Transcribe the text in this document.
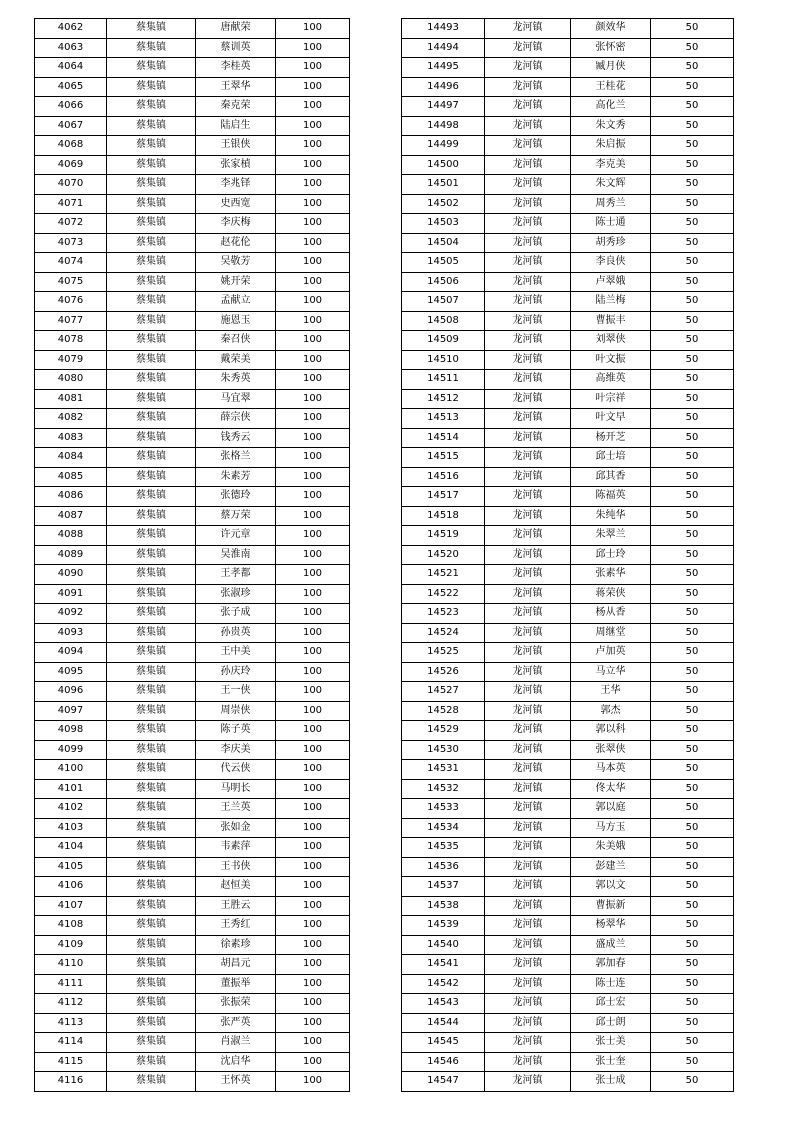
4062	蔡集镇	唐献荣	100
4063	蔡集镇	蔡训英	100
4064	蔡集镇	李桂英	100
4065	蔡集镇	王翠华	100
4066	蔡集镇	秦克荣	100
4067	蔡集镇	陆启生	100
4068	蔡集镇	王银侠	100
4069	蔡集镇	张家楨	100
4070	蔡集镇	李兆铎	100
4071	蔡集镇	史西宽	100
4072	蔡集镇	李庆梅	100
4073	蔡集镇	赵花伦	100
4074	蔡集镇	吴敬芳	100
4075	蔡集镇	姚开荣	100
4076	蔡集镇	孟献立	100
4077	蔡集镇	施恩玉	100
4078	蔡集镇	秦召侠	100
4079	蔡集镇	戴荣美	100
4080	蔡集镇	朱秀英	100
4081	蔡集镇	马宜翠	100
4082	蔡集镇	薛宗侠	100
4083	蔡集镇	钱秀云	100
4084	蔡集镇	张格兰	100
4085	蔡集镇	朱素芳	100
4086	蔡集镇	张德玲	100
4087	蔡集镇	蔡万荣	100
4088	蔡集镇	许元章	100
4089	蔡集镇	吴淮南	100
4090	蔡集镇	王孝都	100
4091	蔡集镇	张淑珍	100
4092	蔡集镇	张子成	100
4093	蔡集镇	孙贵英	100
4094	蔡集镇	王中美	100
4095	蔡集镇	孙庆玲	100
4096	蔡集镇	王一侠	100
4097	蔡集镇	周崇侠	100
4098	蔡集镇	陈子英	100
4099	蔡集镇	李庆美	100
4100	蔡集镇	代云侠	100
4101	蔡集镇	马明长	100
4102	蔡集镇	王兰英	100
4103	蔡集镇	张如金	100
4104	蔡集镇	韦素萍	100
4105	蔡集镇	王书侠	100
4106	蔡集镇	赵恒美	100
4107	蔡集镇	王胜云	100
4108	蔡集镇	王秀红	100
4109	蔡集镇	徐素珍	100
4110	蔡集镇	胡昌元	100
4111	蔡集镇	董振举	100
4112	蔡集镇	张振荣	100
4113	蔡集镇	张严英	100
4114	蔡集镇	肖淑兰	100
4115	蔡集镇	沈启华	100
4116	蔡集镇	王怀英	100
14493	龙河镇	颜效华	50
14494	龙河镇	张怀密	50
14495	龙河镇	臧月侠	50
14496	龙河镇	王桂花	50
14497	龙河镇	高化兰	50
14498	龙河镇	朱文秀	50
14499	龙河镇	朱启振	50
14500	龙河镇	李克美	50
14501	龙河镇	朱文辉	50
14502	龙河镇	周秀兰	50
14503	龙河镇	陈士通	50
14504	龙河镇	胡秀珍	50
14505	龙河镇	李良侠	50
14506	龙河镇	卢翠娥	50
14507	龙河镇	陆兰梅	50
14508	龙河镇	曹振丰	50
14509	龙河镇	刘翠侠	50
14510	龙河镇	叶文振	50
14511	龙河镇	高维英	50
14512	龙河镇	叶宗祥	50
14513	龙河镇	叶文早	50
14514	龙河镇	杨开芝	50
14515	龙河镇	邱士培	50
14516	龙河镇	邱其香	50
14517	龙河镇	陈福英	50
14518	龙河镇	朱纯华	50
14519	龙河镇	朱翠兰	50
14520	龙河镇	邱士玲	50
14521	龙河镇	张素华	50
14522	龙河镇	蒋荣侠	50
14523	龙河镇	杨从香	50
14524	龙河镇	周继堂	50
14525	龙河镇	卢加英	50
14526	龙河镇	马立华	50
14527	龙河镇	王华	50
14528	龙河镇	郭杰	50
14529	龙河镇	郭以科	50
14530	龙河镇	张翠侠	50
14531	龙河镇	马本英	50
14532	龙河镇	佟太华	50
14533	龙河镇	郭以庭	50
14534	龙河镇	马方玉	50
14535	龙河镇	朱美娥	50
14536	龙河镇	彭建兰	50
14537	龙河镇	郭以文	50
14538	龙河镇	曹振新	50
14539	龙河镇	杨翠华	50
14540	龙河镇	盛成兰	50
14541	龙河镇	郭加春	50
14542	龙河镇	陈士连	50
14543	龙河镇	邱士宏	50
14544	龙河镇	邱士朗	50
14545	龙河镇	张士美	50
14546	龙河镇	张士奎	50
14547	龙河镇	张士成	50
